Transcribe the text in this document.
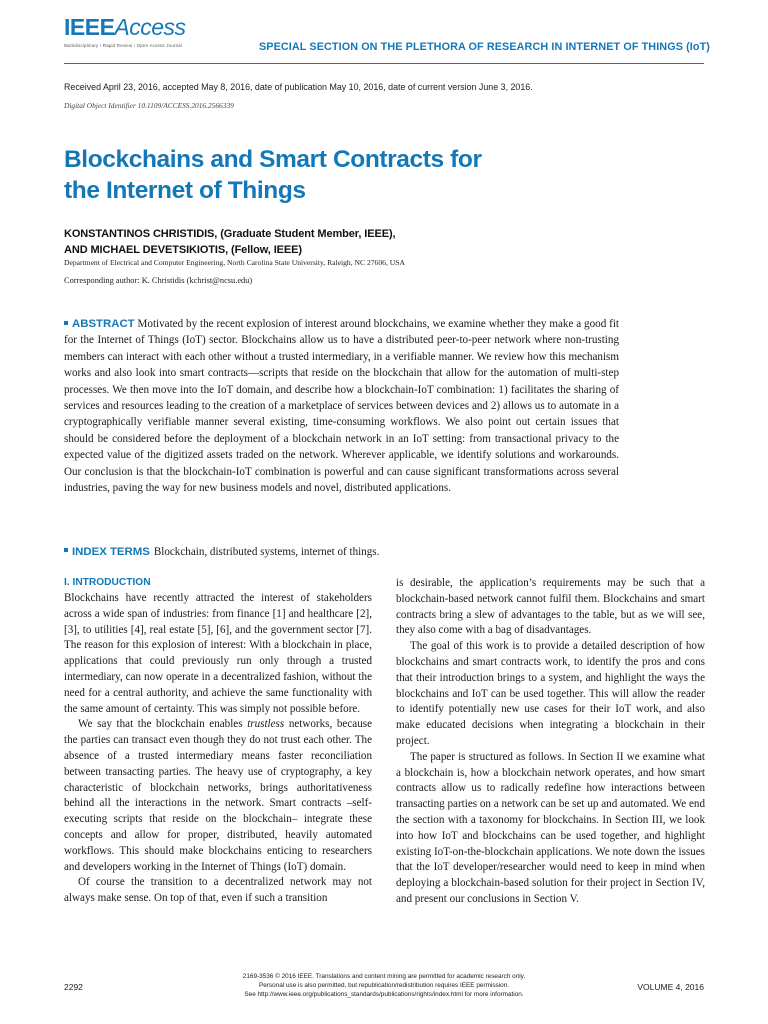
IEEEAccess
Multidisciplinary ⁝ Rapid Review ⁝ Open Access Journal	SPECIAL SECTION ON THE PLETHORA OF RESEARCH IN INTERNET OF THINGS (IoT)
Received April 23, 2016, accepted May 8, 2016, date of publication May 10, 2016, date of current version June 3, 2016.
Digital Object Identifier 10.1109/ACCESS.2016.2566339
Blockchains and Smart Contracts for
the Internet of Things
KONSTANTINOS CHRISTIDIS, (Graduate Student Member, IEEE),
AND MICHAEL DEVETSIKIOTIS, (Fellow, IEEE)
Department of Electrical and Computer Engineering, North Carolina State University, Raleigh, NC 27606, USA
Corresponding author: K. Christidis (kchrist@ncsu.edu)
ABSTRACT Motivated by the recent explosion of interest around blockchains, we examine whether they make a good fit for the Internet of Things (IoT) sector. Blockchains allow us to have a distributed peer-to-peer network where non-trusting members can interact with each other without a trusted intermediary, in a verifiable manner. We review how this mechanism works and also look into smart contracts—scripts that reside on the blockchain that allow for the automation of multi-step processes. We then move into the IoT domain, and describe how a blockchain-IoT combination: 1) facilitates the sharing of services and resources leading to the creation of a marketplace of services between devices and 2) allows us to automate in a cryptographically verifiable manner several existing, time-consuming workflows. We also point out certain issues that should be considered before the deployment of a blockchain network in an IoT setting: from transactional privacy to the expected value of the digitized assets traded on the network. Wherever applicable, we identify solutions and workarounds. Our conclusion is that the blockchain-IoT combination is powerful and can cause significant transformations across several industries, paving the way for new business models and novel, distributed applications.
INDEX TERMS Blockchain, distributed systems, internet of things.
I. INTRODUCTION

Blockchains have recently attracted the interest of stakeholders across a wide span of industries: from finance [1] and healthcare [2], [3], to utilities [4], real estate [5], [6], and the government sector [7]. The reason for this explosion of interest: With a blockchain in place, applications that could previously run only through a trusted intermediary, can now operate in a decentralized fashion, without the need for a central authority, and achieve the same functionality with the same amount of certainty. This was simply not possible before.

We say that the blockchain enables trustless networks, because the parties can transact even though they do not trust each other. The absence of a trusted intermediary means faster reconciliation between transacting parties. The heavy use of cryptography, a key characteristic of blockchain networks, brings authoritativeness behind all the interactions in the network. Smart contracts –self-executing scripts that reside on the blockchain– integrate these concepts and allow for proper, distributed, heavily automated workflows. This should make blockchains enticing to researchers and developers working in the Internet of Things (IoT) domain.

Of course the transition to a decentralized network may not always make sense. On top of that, even if such a transition

is desirable, the application’s requirements may be such that a blockchain-based network cannot fulfil them. Blockchains and smart contracts bring a slew of advantages to the table, but as we will see, they also come with a bag of disadvantages.

The goal of this work is to provide a detailed description of how blockchains and smart contracts work, to identify the pros and cons that their introduction brings to a system, and highlight the ways the blockchains and IoT can be used together. This will allow the reader to identify potentially new use cases for their IoT work, and also make educated decisions when integrating a blockchain in their project.

The paper is structured as follows. In Section II we examine what a blockchain is, how a blockchain network operates, and how smart contracts allow us to radically redefine how interactions between transacting parties on a network can be set up and automated. We end the section with a taxonomy for blockchains. In Section III, we look into how IoT and blockchains can be used together, and highlight existing IoT-on-the-blockchain applications. We note down the issues that the IoT developer/researcher would need to keep in mind when deploying a blockchain-based solution for their project in Section IV, and present our conclusions in Section V.

2292
2169-3536 © 2016 IEEE. Translations and content mining are permitted for academic research only.
Personal use is also permitted, but republication/redistribution requires IEEE permission.
See http://www.ieee.org/publications_standards/publications/rights/index.html for more information.
VOLUME 4, 2016
